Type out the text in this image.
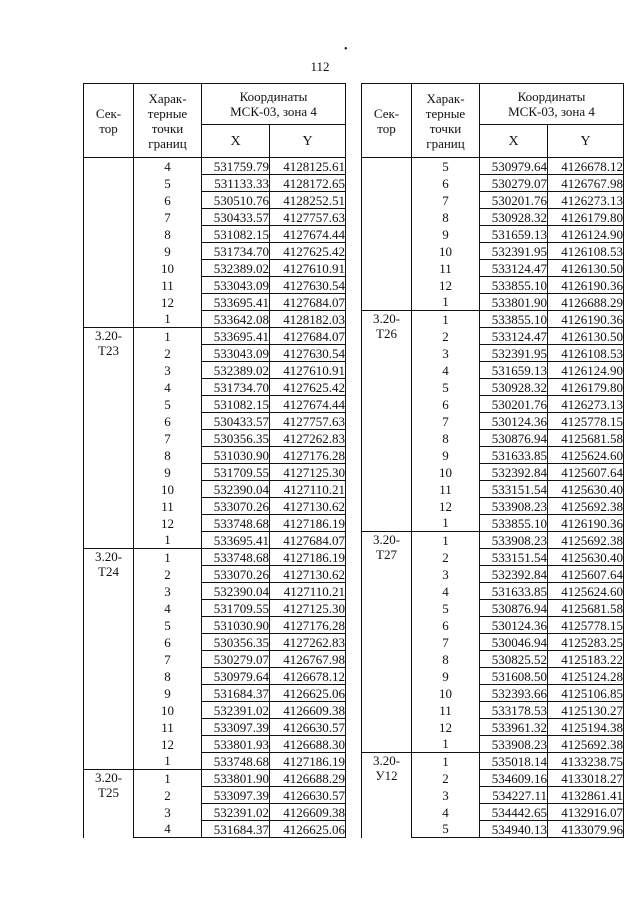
•
112
Сек-
тор	Харак-
терные
точки
границ	Координаты
МСК-03, зона 4	
		X	Y
	4	531759.79	4128125.61
	5	531133.33	4128172.65
	6	530510.76	4128252.51
	7	530433.57	4127757.63
	8	531082.15	4127674.44
	9	531734.70	4127625.42
	10	532389.02	4127610.91
	11	533043.09	4127630.54
	12	533695.41	4127684.07
	1	533642.08	4128182.03
3.20-
Т23	1	533695.41	4127684.07
	2	533043.09	4127630.54
	3	532389.02	4127610.91
	4	531734.70	4127625.42
	5	531082.15	4127674.44
	6	530433.57	4127757.63
	7	530356.35	4127262.83
	8	531030.90	4127176.28
	9	531709.55	4127125.30
	10	532390.04	4127110.21
	11	533070.26	4127130.62
	12	533748.68	4127186.19
	1	533695.41	4127684.07
3.20-
Т24	1	533748.68	4127186.19
	2	533070.26	4127130.62
	3	532390.04	4127110.21
	4	531709.55	4127125.30
	5	531030.90	4127176.28
	6	530356.35	4127262.83
	7	530279.07	4126767.98
	8	530979.64	4126678.12
	9	531684.37	4126625.06
	10	532391.02	4126609.38
	11	533097.39	4126630.57
	12	533801.93	4126688.30
	1	533748.68	4127186.19
3.20-
Т25	1	533801.90	4126688.29
	2	533097.39	4126630.57
	3	532391.02	4126609.38
	4	531684.37	4126625.06
Сек-
тор	Харак-
терные
точки
границ	Координаты
МСК-03, зона 4	
		X	Y
	5	530979.64	4126678.12
	6	530279.07	4126767.98
	7	530201.76	4126273.13
	8	530928.32	4126179.80
	9	531659.13	4126124.90
	10	532391.95	4126108.53
	11	533124.47	4126130.50
	12	533855.10	4126190.36
	1	533801.90	4126688.29
3.20-
Т26	1	533855.10	4126190.36
	2	533124.47	4126130.50
	3	532391.95	4126108.53
	4	531659.13	4126124.90
	5	530928.32	4126179.80
	6	530201.76	4126273.13
	7	530124.36	4125778.15
	8	530876.94	4125681.58
	9	531633.85	4125624.60
	10	532392.84	4125607.64
	11	533151.54	4125630.40
	12	533908.23	4125692.38
	1	533855.10	4126190.36
3.20-
Т27	1	533908.23	4125692.38
	2	533151.54	4125630.40
	3	532392.84	4125607.64
	4	531633.85	4125624.60
	5	530876.94	4125681.58
	6	530124.36	4125778.15
	7	530046.94	4125283.25
	8	530825.52	4125183.22
	9	531608.50	4125124.28
	10	532393.66	4125106.85
	11	533178.53	4125130.27
	12	533961.32	4125194.38
	1	533908.23	4125692.38
3.20-
У12	1	535018.14	4133238.75
	2	534609.16	4133018.27
	3	534227.11	4132861.41
	4	534442.65	4132916.07
	5	534940.13	4133079.96
